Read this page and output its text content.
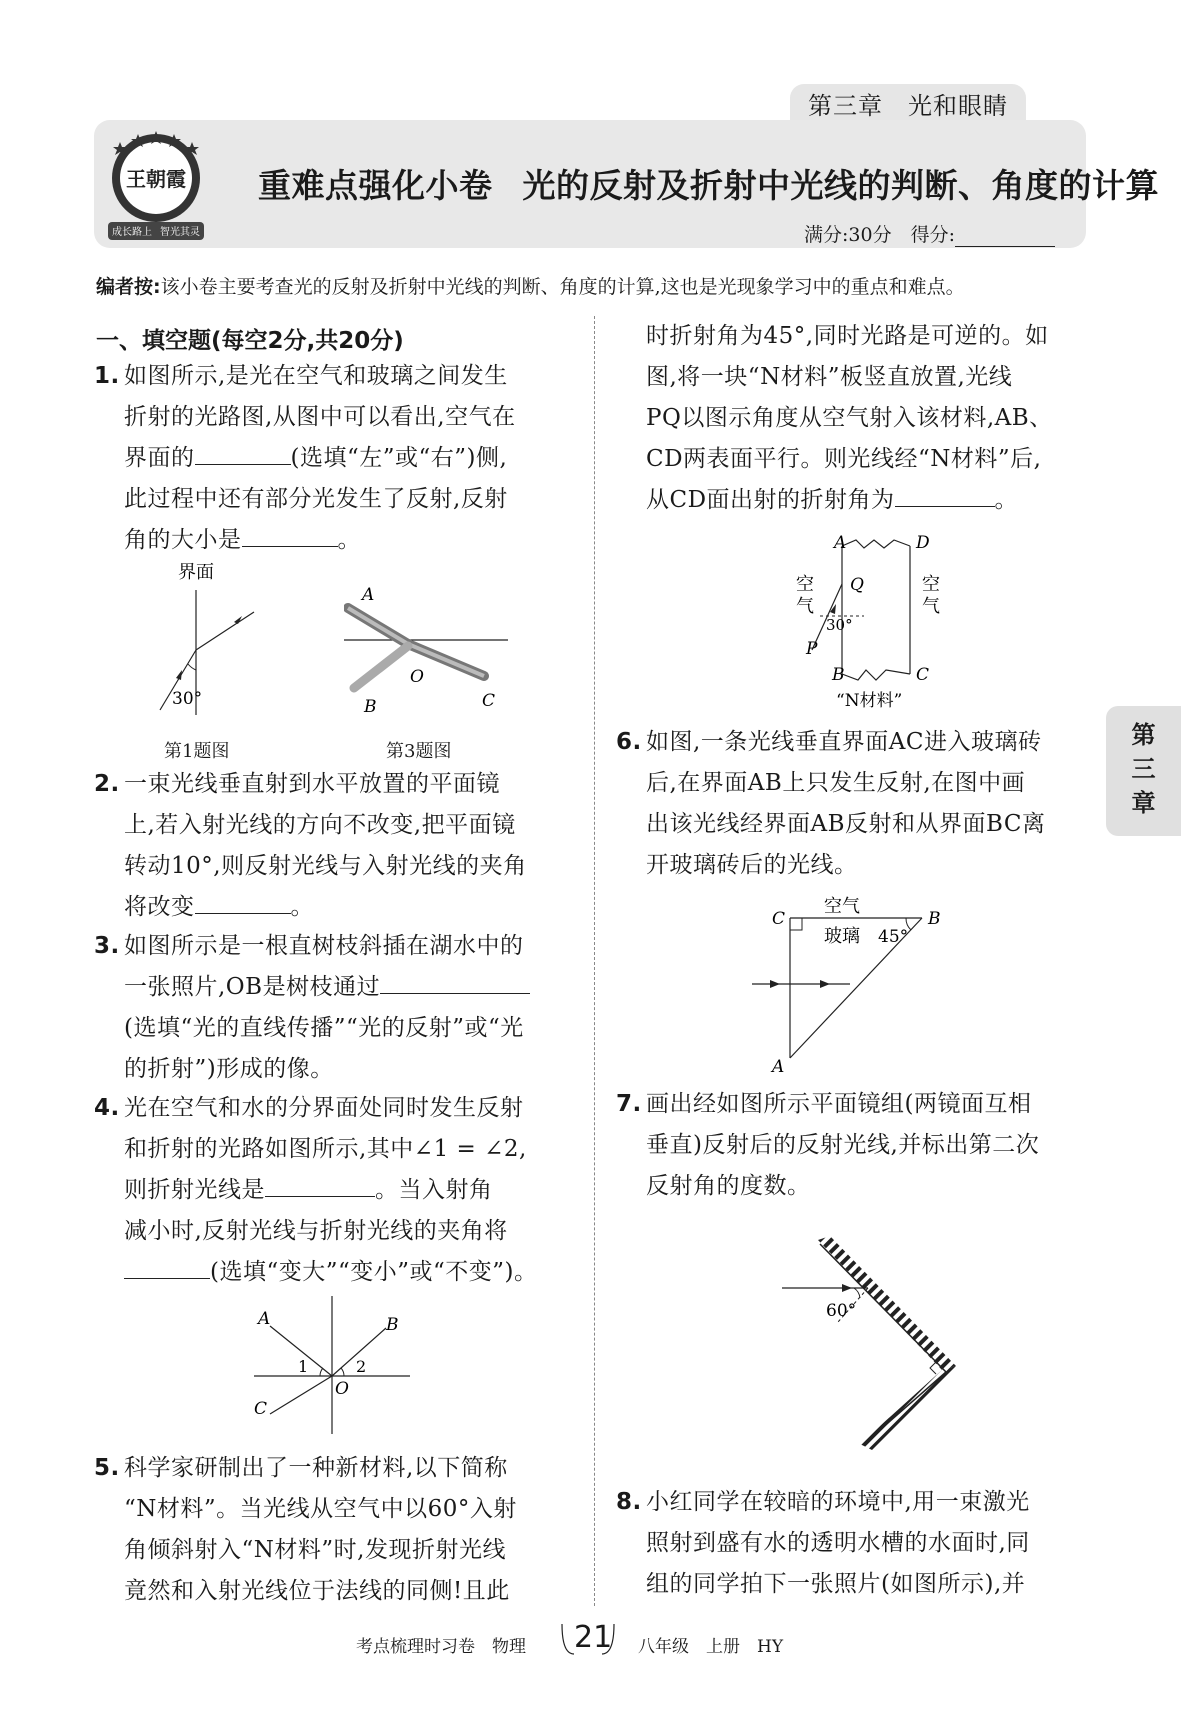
第三章　光和眼睛
王朝霞
成长路上 智光其灵
重难点强化小卷 光的反射及折射中光线的判断、角度的计算
满分:30分　得分:
编者按:该小卷主要考查光的反射及折射中光线的判断、角度的计算,这也是光现象学习中的重点和难点。
一、填空题(每空2分,共20分)
1. 如图所示,是光在空气和玻璃之间发生
折射的光路图,从图中可以看出,空气在
界面的	(选填“左”或“右”)侧,
此过程中还有部分光发生了反射,反射
角的大小是	。
界面
30°
第1题图
A
O
B	C
第3题图
2. 一束光线垂直射到水平放置的平面镜
上,若入射光线的方向不改变,把平面镜
转动10°,则反射光线与入射光线的夹角
将改变	。
3. 如图所示是一根直树枝斜插在湖水中的
一张照片,OB是树枝通过
(选填“光的直线传播”“光的反射”或“光
的折射”)形成的像。
4. 光在空气和水的分界面处同时发生反射
和折射的光路如图所示,其中∠1 = ∠2,
则折射光线是	。当入射角
减小时,反射光线与折射光线的夹角将
(选填“变大”“变小”或“不变”)。
A	B
C
O
1	2
5. 科学家研制出了一种新材料,以下简称
“N材料”。当光线从空气中以60°入射
角倾斜射入“N材料”时,发现折射光线
竟然和入射光线位于法线的同侧!且此
时折射角为45°,同时光路是可逆的。如
图,将一块“N材料”板竖直放置,光线
PQ以图示角度从空气射入该材料,AB、
CD两表面平行。则光线经“N材料”后,
从CD面出射的折射角为	。
A	D
B	C
Q
P
30°
空
气
空
气
“N材料”
6. 如图,一条光线垂直界面AC进入玻璃砖
后,在界面AB上只发生反射,在图中画
出该光线经界面AB反射和从界面BC离
开玻璃砖后的光线。
C	B
A
空气
玻璃 45°
7. 画出经如图所示平面镜组(两镜面互相
垂直)反射后的反射光线,并标出第二次
反射角的度数。
60°
8. 小红同学在较暗的环境中,用一束激光
照射到盛有水的透明水槽的水面时,同
组的同学拍下一张照片(如图所示),并
第
三
章
考点梳理时习卷　物理 21 八年级　上册　HY
